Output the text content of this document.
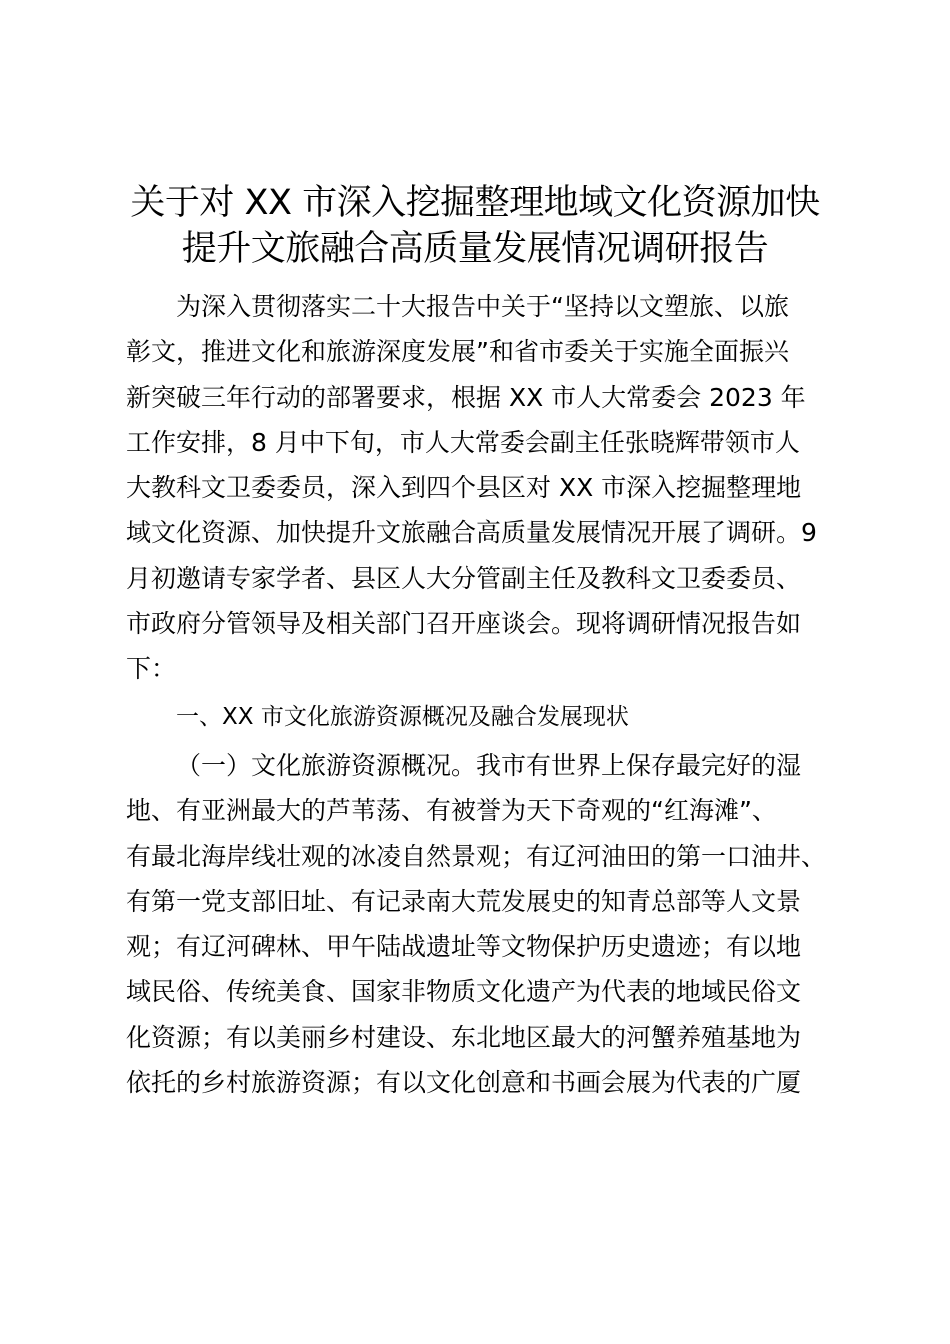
关于对 XX 市深入挖掘整理地域文化资源加快
提升文旅融合高质量发展情况调研报告
为深入贯彻落实二十大报告中关于“坚持以文塑旅、以旅
彰文，推进文化和旅游深度发展”和省市委关于实施全面振兴
新突破三年行动的部署要求，根据 XX 市人大常委会 2023 年
工作安排，8 月中下旬，市人大常委会副主任张晓辉带领市人
大教科文卫委委员，深入到四个县区对 XX 市深入挖掘整理地
域文化资源、加快提升文旅融合高质量发展情况开展了调研。9
月初邀请专家学者、县区人大分管副主任及教科文卫委委员、
市政府分管领导及相关部门召开座谈会。现将调研情况报告如
下：
一、XX 市文化旅游资源概况及融合发展现状
（一）文化旅游资源概况。我市有世界上保存最完好的湿
地、有亚洲最大的芦苇荡、有被誉为天下奇观的“红海滩”、
有最北海岸线壮观的冰凌自然景观；有辽河油田的第一口油井、
有第一党支部旧址、有记录南大荒发展史的知青总部等人文景
观；有辽河碑林、甲午陆战遗址等文物保护历史遗迹；有以地
域民俗、传统美食、国家非物质文化遗产为代表的地域民俗文
化资源；有以美丽乡村建设、东北地区最大的河蟹养殖基地为
依托的乡村旅游资源；有以文化创意和书画会展为代表的广厦
